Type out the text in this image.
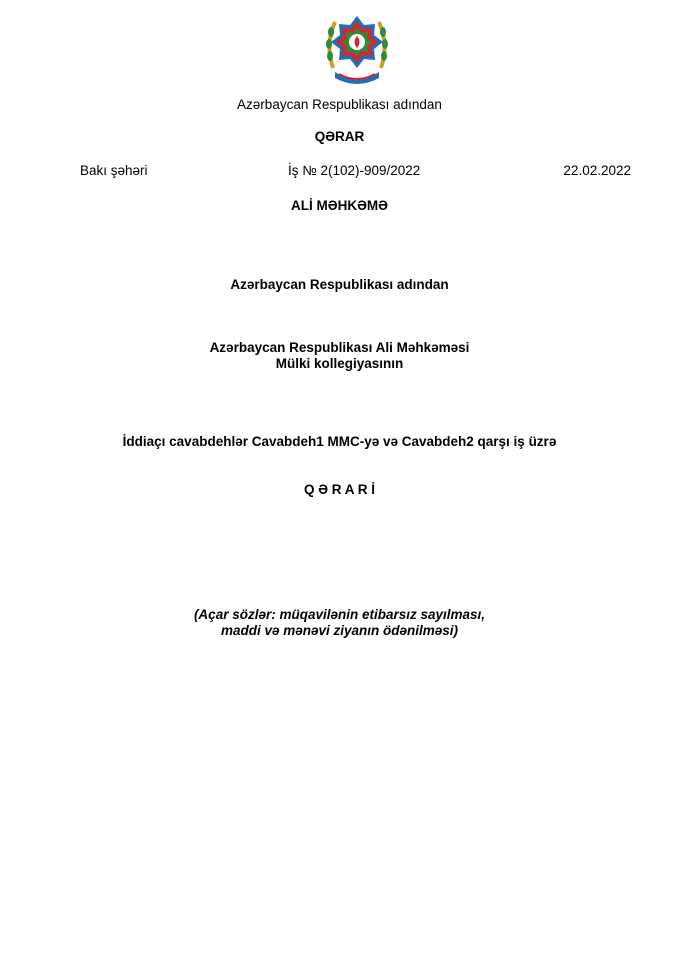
Azərbaycan Respublikası adından
QƏRAR
Bakı şəhəri	İş № 2(102)-909/2022	22.02.2022
ALİ MƏHKƏMƏ
Azərbaycan Respublikası adından
Azərbaycan Respublikası Ali Məhkəməsi
Mülki kollegiyasının
İddiaçı cavabdehlər Cavabdeh1 MMC-yə və Cavabdeh2 qarşı iş üzrə
Q Ə R A R İ
(Açar sözlər: müqavilənin etibarsız sayılması,
maddi və mənəvi ziyanın ödənilməsi)
